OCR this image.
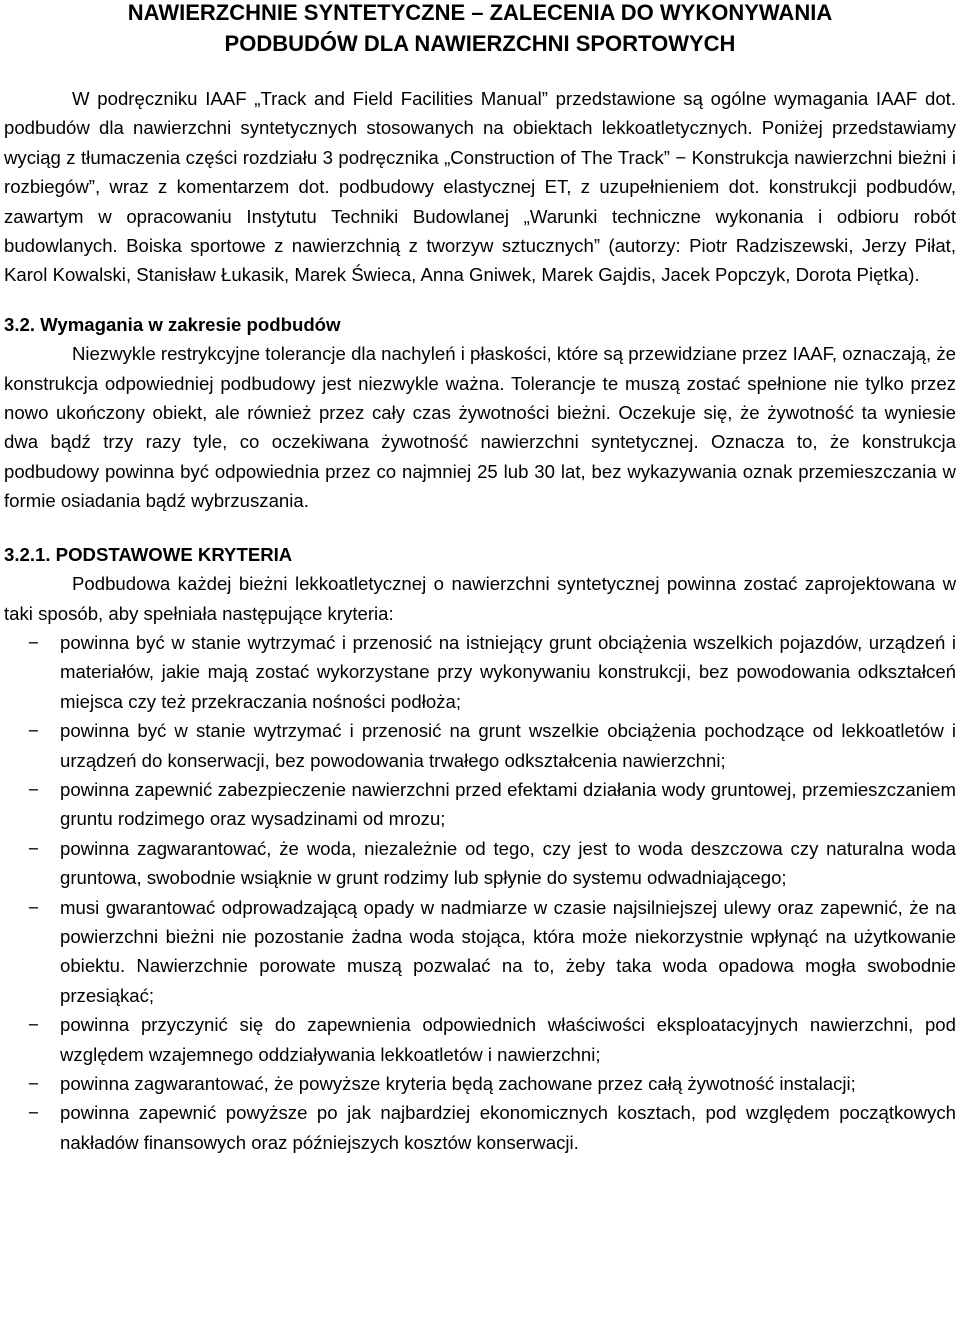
NAWIERZCHNIE SYNTETYCZNE – ZALECENIA DO WYKONYWANIA
PODBUDÓW DLA NAWIERZCHNI SPORTOWYCH

W podręczniku IAAF „Track and Field Facilities Manual” przedstawione są ogólne wymagania IAAF dot. podbudów dla nawierzchni syntetycznych stosowanych na obiektach lekkoatletycznych. Poniżej przedstawiamy wyciąg z tłumaczenia części rozdziału 3 podręcznika „Construction of The Track” − Konstrukcja nawierzchni bieżni i rozbiegów”, wraz z komentarzem dot. podbudowy elastycznej ET, z uzupełnieniem dot. konstrukcji podbudów, zawartym w opracowaniu Instytutu Techniki Budowlanej „Warunki techniczne wykonania i odbioru robót budowlanych. Boiska sportowe z nawierzchnią z tworzyw sztucznych” (autorzy: Piotr Radziszewski, Jerzy Piłat, Karol Kowalski, Stanisław Łukasik, Marek Świeca, Anna Gniwek, Marek Gajdis, Jacek Popczyk, Dorota Piętka).

3.2. Wymagania w zakresie podbudów

Niezwykle restrykcyjne tolerancje dla nachyleń i płaskości, które są przewidziane przez IAAF, oznaczają, że konstrukcja odpowiedniej podbudowy jest niezwykle ważna. Tolerancje te muszą zostać spełnione nie tylko przez nowo ukończony obiekt, ale również przez cały czas żywotności bieżni. Oczekuje się, że żywotność ta wyniesie dwa bądź trzy razy tyle, co oczekiwana żywotność nawierzchni syntetycznej. Oznacza to, że konstrukcja podbudowy powinna być odpowiednia przez co najmniej 25 lub 30 lat, bez wykazywania oznak przemieszczania w formie osiadania bądź wybrzuszania.

3.2.1. PODSTAWOWE KRYTERIA

Podbudowa każdej bieżni lekkoatletycznej o nawierzchni syntetycznej powinna zostać zaprojektowana w taki sposób, aby spełniała następujące kryteria:

− powinna być w stanie wytrzymać i przenosić na istniejący grunt obciążenia wszelkich pojazdów, urządzeń i materiałów, jakie mają zostać wykorzystane przy wykonywaniu konstrukcji, bez powodowania odkształceń miejsca czy też przekraczania nośności podłoża;
− powinna być w stanie wytrzymać i przenosić na grunt wszelkie obciążenia pochodzące od lekkoatletów i urządzeń do konserwacji, bez powodowania trwałego odkształcenia nawierzchni;
− powinna zapewnić zabezpieczenie nawierzchni przed efektami działania wody gruntowej, przemieszczaniem gruntu rodzimego oraz wysadzinami od mrozu;
− powinna zagwarantować, że woda, niezależnie od tego, czy jest to woda deszczowa czy naturalna woda gruntowa, swobodnie wsiąknie w grunt rodzimy lub spłynie do systemu odwadniającego;
− musi gwarantować odprowadzającą opady w nadmiarze w czasie najsilniejszej ulewy oraz zapewnić, że na powierzchni bieżni nie pozostanie żadna woda stojąca, która może niekorzystnie wpłynąć na użytkowanie obiektu. Nawierzchnie porowate muszą pozwalać na to, żeby taka woda opadowa mogła swobodnie przesiąkać;
− powinna przyczynić się do zapewnienia odpowiednich właściwości eksploatacyjnych nawierzchni, pod względem wzajemnego oddziaływania lekkoatletów i nawierzchni;
− powinna zagwarantować, że powyższe kryteria będą zachowane przez całą żywotność instalacji;
− powinna zapewnić powyższe po jak najbardziej ekonomicznych kosztach, pod względem początkowych nakładów finansowych oraz późniejszych kosztów konserwacji.
